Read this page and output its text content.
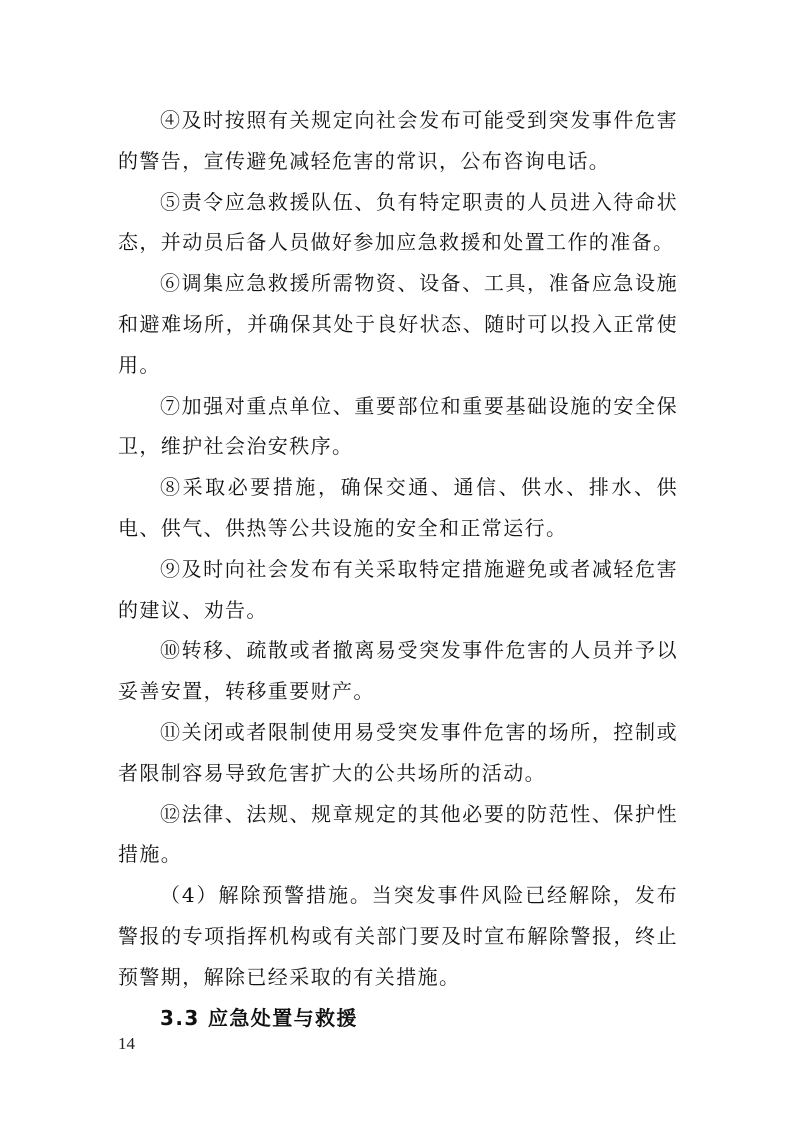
④及时按照有关规定向社会发布可能受到突发事件危害的警告，宣传避免减轻危害的常识，公布咨询电话。

⑤责令应急救援队伍、负有特定职责的人员进入待命状态，并动员后备人员做好参加应急救援和处置工作的准备。

⑥调集应急救援所需物资、设备、工具，准备应急设施和避难场所，并确保其处于良好状态、随时可以投入正常使用。

⑦加强对重点单位、重要部位和重要基础设施的安全保卫，维护社会治安秩序。

⑧采取必要措施，确保交通、通信、供水、排水、供电、供气、供热等公共设施的安全和正常运行。

⑨及时向社会发布有关采取特定措施避免或者减轻危害的建议、劝告。

⑩转移、疏散或者撤离易受突发事件危害的人员并予以妥善安置，转移重要财产。

⑪关闭或者限制使用易受突发事件危害的场所，控制或者限制容易导致危害扩大的公共场所的活动。

⑫法律、法规、规章规定的其他必要的防范性、保护性措施。

（4）解除预警措施。当突发事件风险已经解除，发布警报的专项指挥机构或有关部门要及时宣布解除警报，终止预警期，解除已经采取的有关措施。

3.3 应急处置与救援

14
